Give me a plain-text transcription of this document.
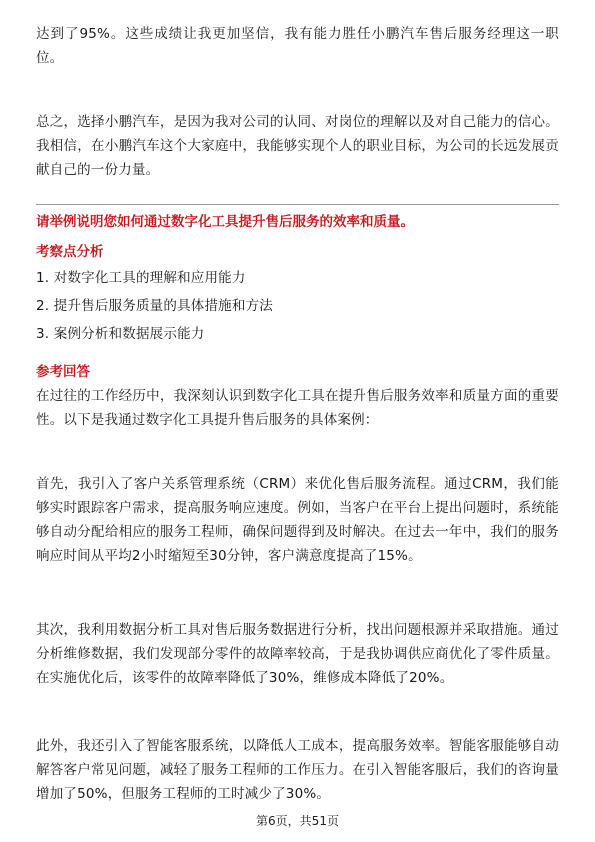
达到了95%。这些成绩让我更加坚信，我有能力胜任小鹏汽车售后服务经理这一职位。

总之，选择小鹏汽车，是因为我对公司的认同、对岗位的理解以及对自己能力的信心。我相信，在小鹏汽车这个大家庭中，我能够实现个人的职业目标，为公司的长远发展贡献自己的一份力量。

请举例说明您如何通过数字化工具提升售后服务的效率和质量。
考察点分析
1. 对数字化工具的理解和应用能力
2. 提升售后服务质量的具体措施和方法
3. 案例分析和数据展示能力
参考回答

在过往的工作经历中，我深刻认识到数字化工具在提升售后服务效率和质量方面的重要性。以下是我通过数字化工具提升售后服务的具体案例：

首先，我引入了客户关系管理系统（CRM）来优化售后服务流程。通过CRM，我们能够实时跟踪客户需求，提高服务响应速度。例如，当客户在平台上提出问题时，系统能够自动分配给相应的服务工程师，确保问题得到及时解决。在过去一年中，我们的服务响应时间从平均2小时缩短至30分钟，客户满意度提高了15%。

其次，我利用数据分析工具对售后服务数据进行分析，找出问题根源并采取措施。通过分析维修数据，我们发现部分零件的故障率较高，于是我协调供应商优化了零件质量。在实施优化后，该零件的故障率降低了30%，维修成本降低了20%。

此外，我还引入了智能客服系统，以降低人工成本，提高服务效率。智能客服能够自动解答客户常见问题，减轻了服务工程师的工作压力。在引入智能客服后，我们的咨询量增加了50%，但服务工程师的工时减少了30%。

第6页，共51页
